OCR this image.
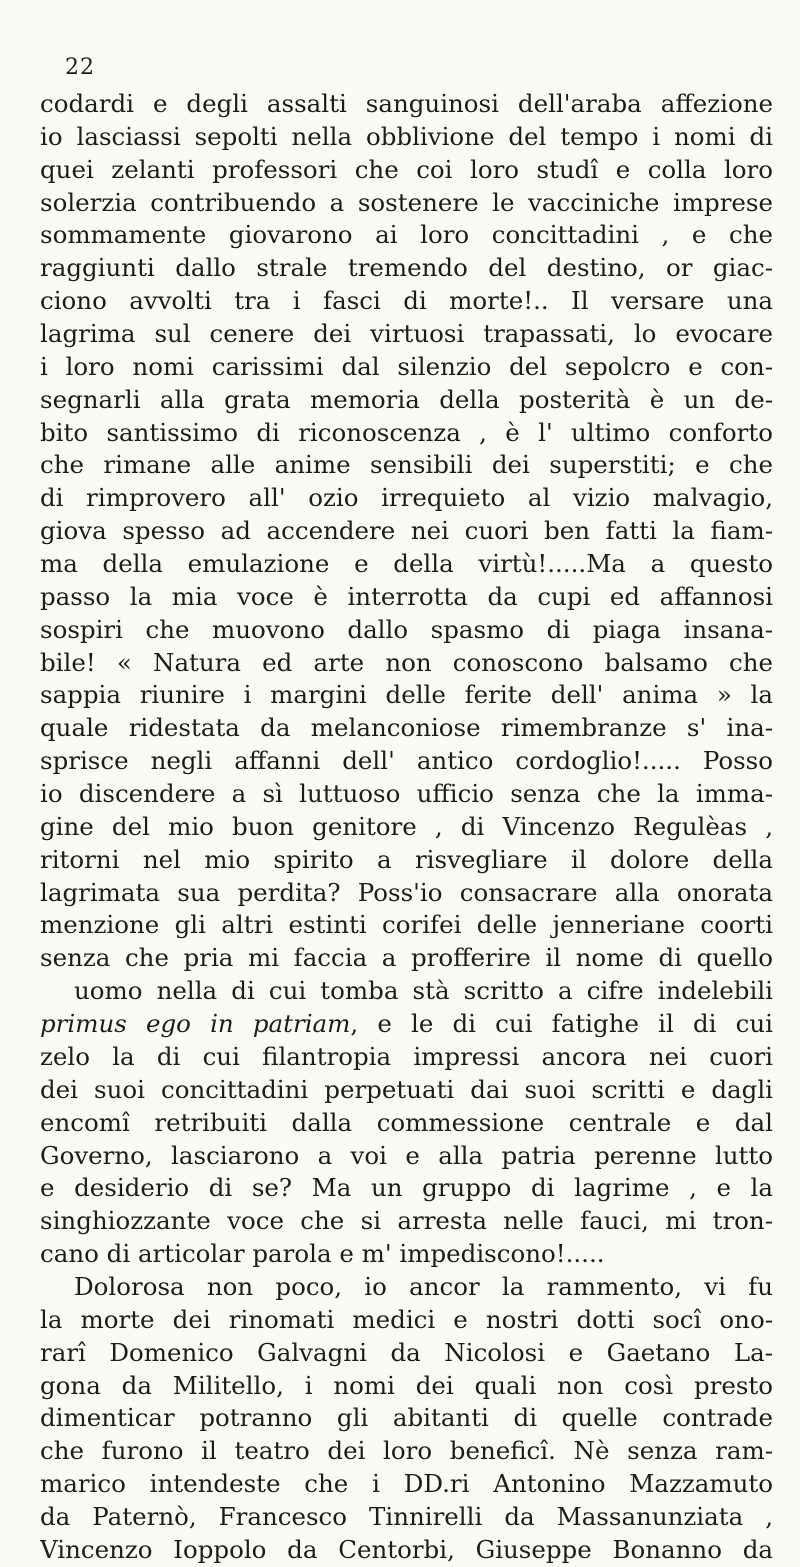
22
codardi e degli assalti sanguinosi dell'araba affezione
io lasciassi sepolti nella obblivione del tempo i nomi di
quei zelanti professori che coi loro studî e colla loro
solerzia contribuendo a sostenere le vacciniche imprese
sommamente giovarono ai loro concittadini , e che
raggiunti dallo strale tremendo del destino, or giac-
ciono avvolti tra i fasci di morte!.. Il versare una
lagrima sul cenere dei virtuosi trapassati, lo evocare
i loro nomi carissimi dal silenzio del sepolcro e con-
segnarli alla grata memoria della posterità è un de-
bito santissimo di riconoscenza , è l' ultimo conforto
che rimane alle anime sensibili dei superstiti; e che
di rimprovero all' ozio irrequieto al vizio malvagio,
giova spesso ad accendere nei cuori ben fatti la fiam-
ma della emulazione e della virtù!.....Ma a questo
passo la mia voce è interrotta da cupi ed affannosi
sospiri che muovono dallo spasmo di piaga insana-
bile! « Natura ed arte non conoscono balsamo che
sappia riunire i margini delle ferite dell' anima » la
quale ridestata da melanconiose rimembranze s' ina-
sprisce negli affanni dell' antico cordoglio!..... Posso
io discendere a sì luttuoso ufficio senza che la imma-
gine del mio buon genitore , di Vincenzo Regulèas ,
ritorni nel mio spirito a risvegliare il dolore della
lagrimata sua perdita? Poss'io consacrare alla onorata
menzione gli altri estinti corifei delle jenneriane coorti
senza che pria mi faccia a profferire il nome di quello
uomo nella di cui tomba stà scritto a cifre indelebili
primus ego in patriam, e le di cui fatighe il di cui
zelo la di cui filantropia impressi ancora nei cuori
dei suoi concittadini perpetuati dai suoi scritti e dagli
encomî retribuiti dalla commessione centrale e dal
Governo, lasciarono a voi e alla patria perenne lutto
e desiderio di se? Ma un gruppo di lagrime , e la
singhiozzante voce che si arresta nelle fauci, mi tron-
cano di articolar parola e m' impediscono!.....
Dolorosa non poco, io ancor la rammento, vi fu
la morte dei rinomati medici e nostri dotti socî ono-
rarî Domenico Galvagni da Nicolosi e Gaetano La-
gona da Militello, i nomi dei quali non così presto
dimenticar potranno gli abitanti di quelle contrade
che furono il teatro dei loro beneficî. Nè senza ram-
marico intendeste che i DD.ri Antonino Mazzamuto
da Paternò, Francesco Tinnirelli da Massanunziata ,
Vincenzo Ioppolo da Centorbi, Giuseppe Bonanno da
